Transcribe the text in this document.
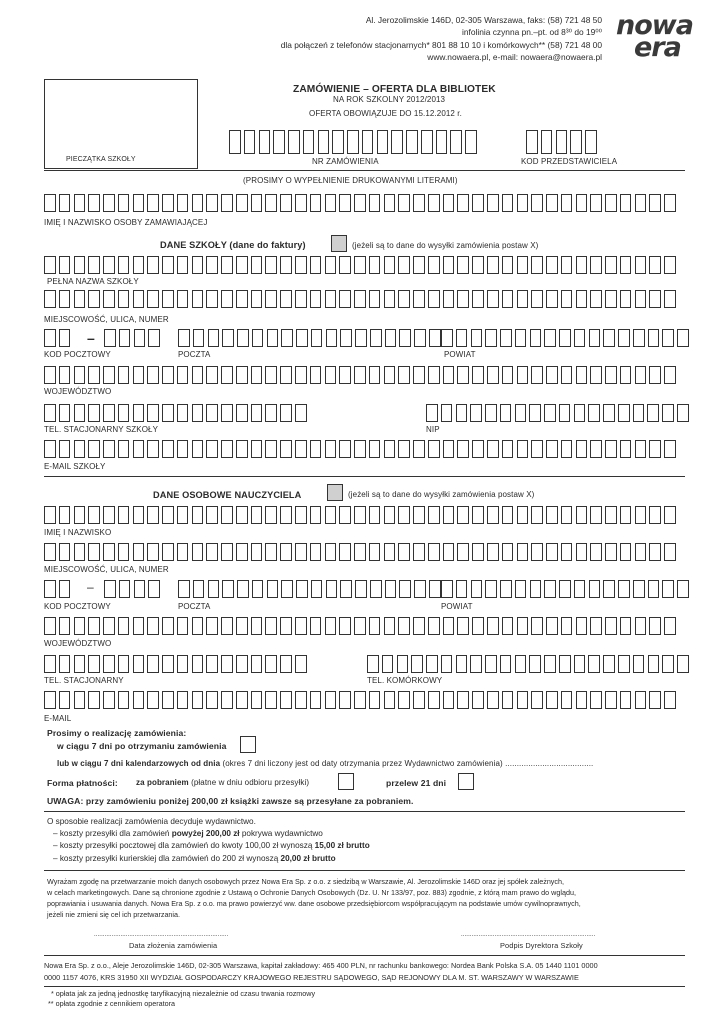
Al. Jerozolimskie 146D, 02-305 Warszawa, faks: (58) 721 48 50
infolinia czynna pn.–pt. od 8³⁰ do 19⁰⁰
dla połączeń z telefonów stacjonarnych* 801 88 10 10 i komórkowych** (58) 721 48 00
www.nowaera.pl, e-mail: nowaera@nowaera.pl
nowa
era
PIECZĄTKA SZKOŁY
ZAMÓWIENIE – OFERTA DLA BIBLIOTEK
NA ROK SZKOLNY 2012/2013
OFERTA OBOWIĄZUJE DO 15.12.2012 r.
NR ZAMÓWIENIA	KOD PRZEDSTAWICIELA
(PROSIMY O WYPEŁNIENIE DRUKOWANYMI LITERAMI)
IMIĘ I NAZWISKO OSOBY ZAMAWIAJĄCEJ
DANE SZKOŁY (dane do faktury)	(jeżeli są to dane do wysyłki zamówienia postaw X)
PEŁNA NAZWA SZKOŁY
MIEJSCOWOŚĆ, ULICA, NUMER
–
KOD POCZTOWY	POCZTA	POWIAT
WOJEWÓDZTWO
TEL. STACJONARNY SZKOŁY	NIP
E-MAIL SZKOŁY
DANE OSOBOWE NAUCZYCIELA	(jeżeli są to dane do wysyłki zamówienia postaw X)
IMIĘ I NAZWISKO
MIEJSCOWOŚĆ, ULICA, NUMER
–
KOD POCZTOWY	POCZTA	POWIAT
WOJEWÓDZTWO
TEL. STACJONARNY	TEL. KOMÓRKOWY
E-MAIL
Prosimy o realizację zamówienia:
w ciągu 7 dni po otrzymaniu zamówienia
lub w ciągu 7 dni kalendarzowych od dnia (okres 7 dni liczony jest od daty otrzymania przez Wydawnictwo zamówienia) ......................................
Forma płatności: za pobraniem (płatne w dniu odbioru przesyłki)	przelew 21 dni
UWAGA: przy zamówieniu poniżej 200,00 zł książki zawsze są przesyłane za pobraniem.
O sposobie realizacji zamówienia decyduje wydawnictwo.
– koszty przesyłki dla zamówień powyżej 200,00 zł pokrywa wydawnictwo
– koszty przesyłki pocztowej dla zamówień do kwoty 100,00 zł wynoszą 15,00 zł brutto
– koszty przesyłki kurierskiej dla zamówień do 200 zł wynoszą 20,00 zł brutto
Wyrażam zgodę na przetwarzanie moich danych osobowych przez Nowa Era Sp. z o.o. z siedzibą w Warszawie, Al. Jerozolimskie 146D oraz jej spółek zależnych,
w celach marketingowych. Dane są chronione zgodnie z Ustawą o Ochronie Danych Osobowych (Dz. U. Nr 133/97, poz. 883) zgodnie, z którą mam prawo do wglądu,
poprawiania i usuwania danych. Nowa Era Sp. z o.o. ma prawo powierzyć ww. dane osobowe przedsiębiorcom współpracującym na podstawie umów cywilnoprawnych,
jeżeli nie zmieni się cel ich przetwarzania.
............................................................................
Data złożenia zamówienia
............................................................................
Podpis Dyrektora Szkoły
Nowa Era Sp. z o.o., Aleje Jerozolimskie 146D, 02-305 Warszawa, kapitał zakładowy: 465 400 PLN, nr rachunku bankowego: Nordea Bank Polska S.A. 05 1440 1101 0000
0000 1157 4076, KRS 31950 XII WYDZIAŁ GOSPODARCZY KRAJOWEGO REJESTRU SĄDOWEGO, SĄD REJONOWY DLA M. ST. WARSZAWY W WARSZAWIE
* opłata jak za jedną jednostkę taryfikacyjną niezależnie od czasu trwania rozmowy
** opłata zgodnie z cennikiem operatora
